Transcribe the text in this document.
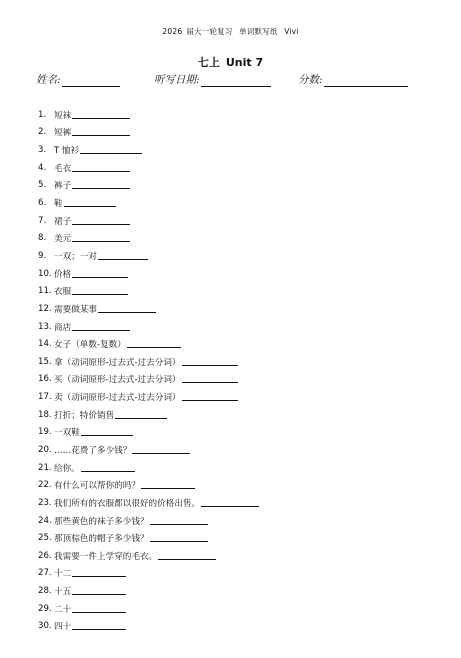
2026 届大一轮复习 单词默写纸 Vivi
七上 Unit 7
姓名:	听写日期:	分数:
1. 短袜
2. 短裤
3. T 恤衫
4. 毛衣
5. 裤子
6. 鞋
7. 裙子
8. 美元
9. 一双；一对
10. 价格
11. 衣服
12. 需要做某事
13. 商店
14. 女子（单数-复数）
15. 拿（动词原形-过去式-过去分词）
16. 买（动词原形-过去式-过去分词）
17. 卖（动词原形-过去式-过去分词）
18. 打折；特价销售
19. 一双鞋
20. ……花费了多少钱？
21. 给你。
22. 有什么可以帮你的吗？
23. 我们所有的衣服都以很好的价格出售。
24. 那些黄色的袜子多少钱？
25. 那顶棕色的帽子多少钱？
26. 我需要一件上学穿的毛衣。
27. 十二
28. 十五
29. 二十
30. 四十
